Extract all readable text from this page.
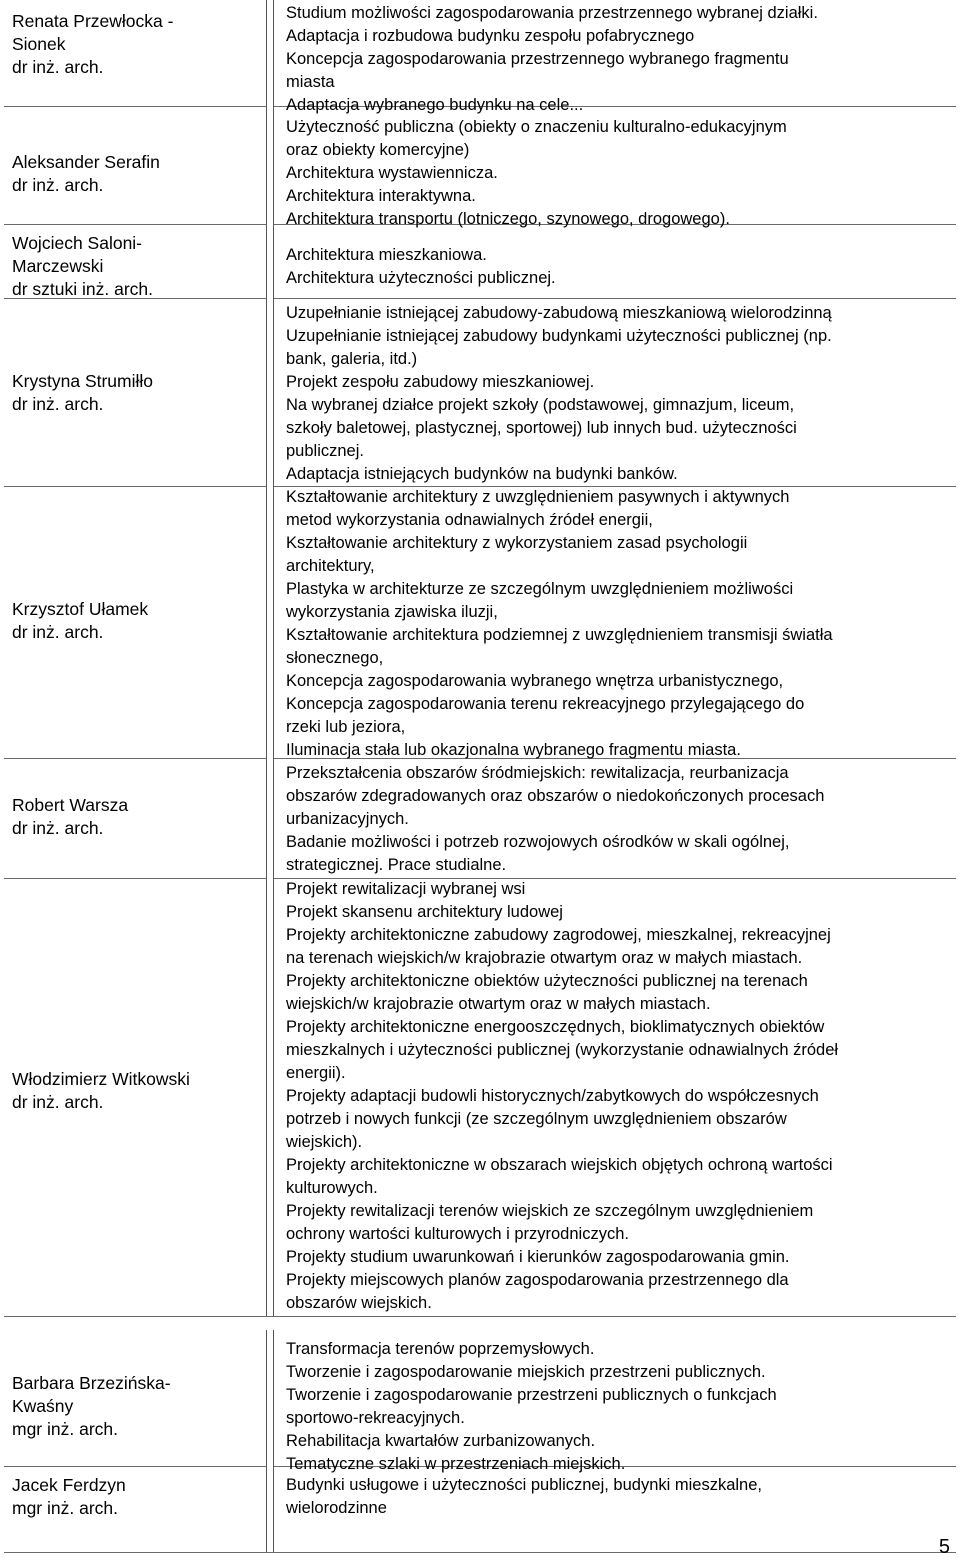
Renata Przewłocka -
Sionek
dr inż. arch.
Studium możliwości zagospodarowania przestrzennego wybranej działki.
Adaptacja i rozbudowa budynku zespołu pofabrycznego
Koncepcja zagospodarowania przestrzennego wybranego fragmentu
miasta
Adaptacja wybranego budynku na cele...
Aleksander Serafin
dr inż. arch.
Użyteczność publiczna (obiekty o znaczeniu kulturalno-edukacyjnym
oraz obiekty komercyjne)
Architektura wystawiennicza.
Architektura interaktywna.
Architektura transportu (lotniczego, szynowego, drogowego).
Wojciech Saloni-
Marczewski
dr sztuki inż. arch.
Architektura mieszkaniowa.
Architektura użyteczności publicznej.
Krystyna Strumiłło
dr inż. arch.
Uzupełnianie istniejącej zabudowy-zabudową mieszkaniową wielorodzinną
Uzupełnianie istniejącej zabudowy budynkami użyteczności publicznej (np.
bank, galeria, itd.)
Projekt zespołu zabudowy mieszkaniowej.
Na wybranej działce projekt szkoły (podstawowej, gimnazjum, liceum,
szkoły baletowej, plastycznej, sportowej) lub innych bud. użyteczności
publicznej.
Adaptacja istniejących budynków na budynki banków.
Krzysztof Ułamek
dr inż. arch.
Kształtowanie architektury z uwzględnieniem pasywnych i aktywnych
metod wykorzystania odnawialnych źródeł energii,
Kształtowanie architektury z wykorzystaniem zasad psychologii
architektury,
Plastyka w architekturze ze szczególnym uwzględnieniem możliwości
wykorzystania zjawiska iluzji,
Kształtowanie architektura podziemnej z uwzględnieniem transmisji światła
słonecznego,
Koncepcja zagospodarowania wybranego wnętrza urbanistycznego,
Koncepcja zagospodarowania terenu rekreacyjnego przylegającego do
rzeki lub jeziora,
Iluminacja stała lub okazjonalna wybranego fragmentu miasta.
Robert Warsza
dr inż. arch.
Przekształcenia obszarów śródmiejskich: rewitalizacja, reurbanizacja
obszarów zdegradowanych oraz obszarów o niedokończonych procesach
urbanizacyjnych.
Badanie możliwości i potrzeb rozwojowych ośrodków w skali ogólnej,
strategicznej. Prace studialne.
Włodzimierz Witkowski
dr inż. arch.
Projekt rewitalizacji wybranej wsi
Projekt skansenu architektury ludowej
Projekty architektoniczne zabudowy zagrodowej, mieszkalnej, rekreacyjnej
na terenach wiejskich/w krajobrazie otwartym oraz w małych miastach.
Projekty architektoniczne obiektów użyteczności publicznej na terenach
wiejskich/w krajobrazie otwartym oraz w małych miastach.
Projekty architektoniczne energooszczędnych, bioklimatycznych obiektów
mieszkalnych i użyteczności publicznej (wykorzystanie odnawialnych źródeł
energii).
Projekty adaptacji budowli historycznych/zabytkowych do współczesnych
potrzeb i nowych funkcji (ze szczególnym uwzględnieniem obszarów
wiejskich).
Projekty architektoniczne w obszarach wiejskich objętych ochroną wartości
kulturowych.
Projekty rewitalizacji terenów wiejskich ze szczególnym uwzględnieniem
ochrony wartości kulturowych i przyrodniczych.
Projekty studium uwarunkowań i kierunków zagospodarowania gmin.
Projekty miejscowych planów zagospodarowania przestrzennego dla
obszarów wiejskich.
Barbara Brzezińska-
Kwaśny
mgr inż. arch.
Transformacja terenów poprzemysłowych.
Tworzenie i zagospodarowanie miejskich przestrzeni publicznych.
Tworzenie i zagospodarowanie przestrzeni publicznych o funkcjach
sportowo-rekreacyjnych.
Rehabilitacja kwartałów zurbanizowanych.
Tematyczne szlaki w przestrzeniach miejskich.
Jacek Ferdzyn
mgr inż. arch.
Budynki usługowe i użyteczności publicznej, budynki mieszkalne,
wielorodzinne
5
